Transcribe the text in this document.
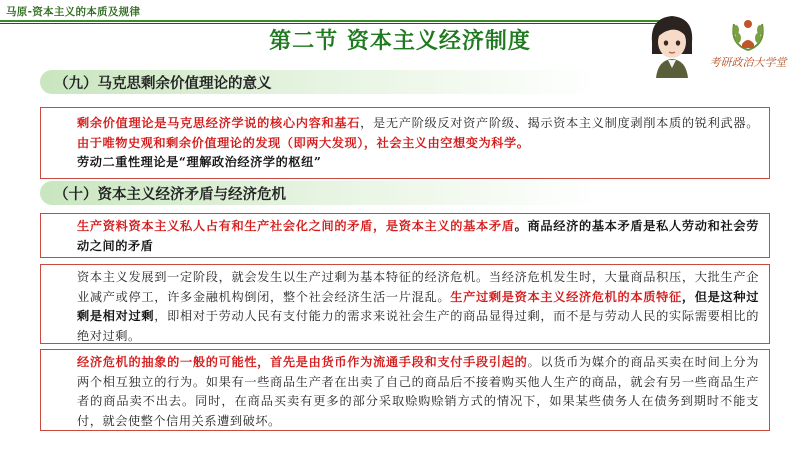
马原-资本主义的本质及规律
第二节 资本主义经济制度
考研政治大学堂
（九）马克思剩余价值理论的意义

剩余价值理论是马克思经济学说的核心内容和基石，是无产阶级反对资产阶级、揭示资本主义制度剥削本质的锐利武器。由于唯物史观和剩余价值理论的发现（即两大发现），社会主义由空想变为科学。

劳动二重性理论是“理解政治经济学的枢纽”

（十）资本主义经济矛盾与经济危机

生产资料资本主义私人占有和生产社会化之间的矛盾，是资本主义的基本矛盾。商品经济的基本矛盾是私人劳动和社会劳动之间的矛盾

资本主义发展到一定阶段，就会发生以生产过剩为基本特征的经济危机。当经济危机发生时，大量商品积压，大批生产企业减产或停工，许多金融机构倒闭，整个社会经济生活一片混乱。生产过剩是资本主义经济危机的本质特征，但是这种过剩是相对过剩，即相对于劳动人民有支付能力的需求来说社会生产的商品显得过剩，而不是与劳动人民的实际需要相比的绝对过剩。

经济危机的抽象的一般的可能性，首先是由货币作为流通手段和支付手段引起的。以货币为媒介的商品买卖在时间上分为两个相互独立的行为。如果有一些商品生产者在出卖了自己的商品后不接着购买他人生产的商品，就会有另一些商品生产者的商品卖不出去。同时，在商品买卖有更多的部分采取赊购赊销方式的情况下，如果某些债务人在债务到期时不能支付，就会使整个信用关系遭到破坏。
